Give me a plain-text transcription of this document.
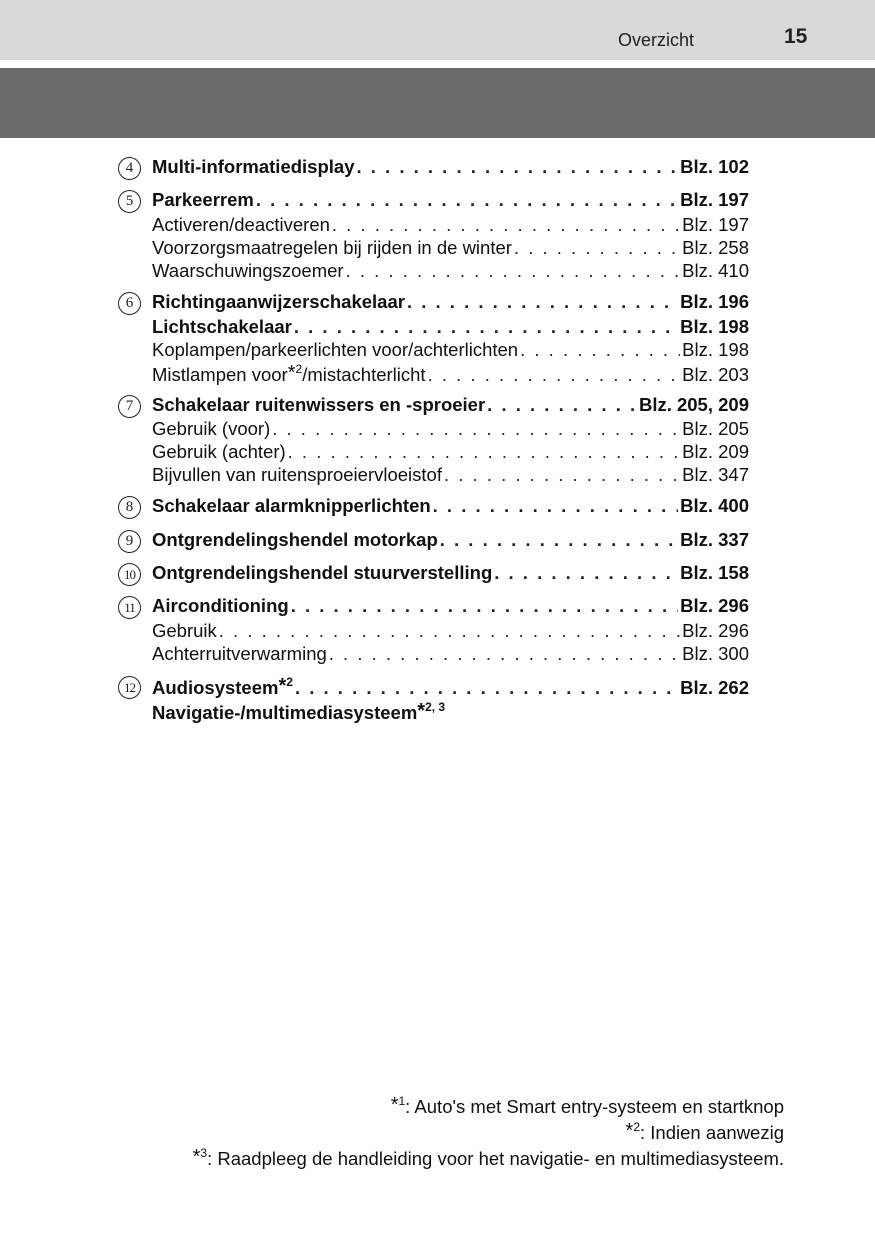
Overzicht	15
4	Multi-informatiedisplay . . .	Blz. 102
5	Parkeerrem . . .	Blz. 197
Activeren/deactiveren . . .	Blz. 197
Voorzorgsmaatregelen bij rijden in de winter . . .	Blz. 258
Waarschuwingszoemer . . .	Blz. 410
6	Richtingaanwijzerschakelaar . . .	Blz. 196
Lichtschakelaar . . .	Blz. 198
Koplampen/parkeerlichten voor/achterlichten . . .	Blz. 198
Mistlampen voor*$^2$/mistachterlicht . . .	Blz. 203
7	Schakelaar ruitenwissers en -sproeier . . .	Blz. 205, 209
Gebruik (voor) . . .	Blz. 205
Gebruik (achter) . . .	Blz. 209
Bijvullen van ruitensproeiervloeistof . . .	Blz. 347
8	Schakelaar alarmknipperlichten . . .	Blz. 400
9	Ontgrendelingshendel motorkap . . .	Blz. 337
10 Ontgrendelingshendel stuurverstelling . . .	Blz. 158
11 Airconditioning . . .	Blz. 296
Gebruik . . .	Blz. 296
Achterruitverwarming . . .	Blz. 300
12 Audiosysteem*$^2$ . . .	Blz. 262
Navigatie-/multimediasysteem*$^{2, 3}$
*$^1$: Auto's met Smart entry-systeem en startknop
*$^2$: Indien aanwezig
*$^3$: Raadpleeg de handleiding voor het navigatie- en multimediasysteem.
